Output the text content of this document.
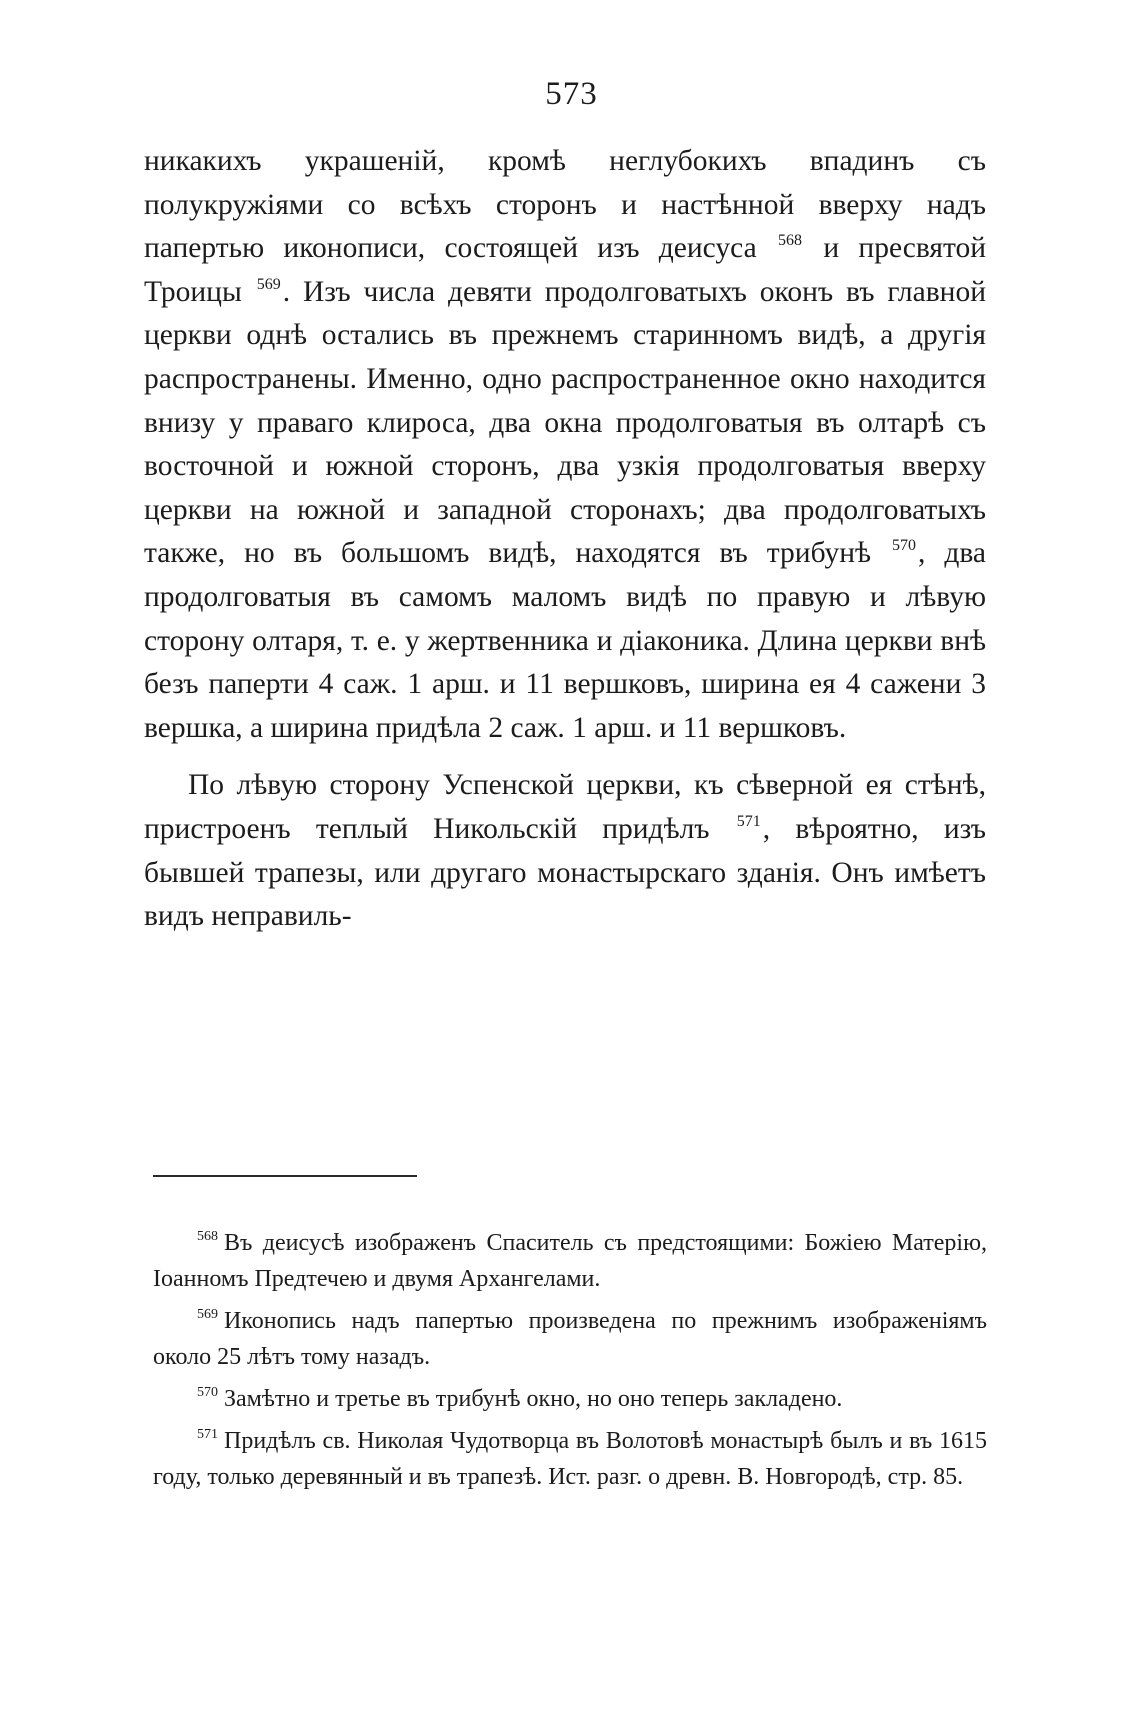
573

никакихъ украшеній, кромѣ неглубокихъ впадинъ съ полукружіями со всѣхъ сторонъ и настѣнной вверху надъ папертью иконописи, состоящей изъ деисуса $^{568}$ и пресвятой Троицы $^{569}$. Изъ числа девяти продолговатыхъ оконъ въ главной церкви однѣ остались въ прежнемъ старинномъ видѣ, а другія распространены. Именно, одно распространенное окно находится внизу у праваго клироса, два окна продолговатыя въ олтарѣ съ восточной и южной сторонъ, два узкія продолговатыя вверху церкви на южной и западной сторонахъ; два продолговатыхъ также, но въ большомъ видѣ, находятся въ трибунѣ $^{570}$, два продолговатыя въ самомъ маломъ видѣ по правую и лѣвую сторону олтаря, т. е. у жертвенника и діаконика. Длина церкви внѣ безъ паперти 4 саж. 1 арш. и 11 вершковъ, ширина ея 4 сажени 3 вершка, а ширина придѣла 2 саж. 1 арш. и 11 вершковъ.

По лѣвую сторону Успенской церкви, къ сѣверной ея стѣнѣ, пристроенъ теплый Никольскій придѣлъ $^{571}$, вѣроятно, изъ бывшей трапезы, или другаго монастырскаго зданія. Онъ имѣетъ видъ неправиль-

$^{568}$ Въ деисусѣ изображенъ Спаситель съ предстоящими: Божіею Матерію, Іоанномъ Предтечею и двумя Архангелами.

$^{569}$ Иконопись надъ папертью произведена по прежнимъ изображеніямъ около 25 лѣтъ тому назадъ.

$^{570}$ Замѣтно и третье въ трибунѣ окно, но оно теперь закладено.

$^{571}$ Придѣлъ св. Николая Чудотворца въ Волотовѣ монастырѣ былъ и въ 1615 году, только деревянный и въ трапезѣ. Ист. разг. о древн. В. Новгородѣ, стр. 85.
